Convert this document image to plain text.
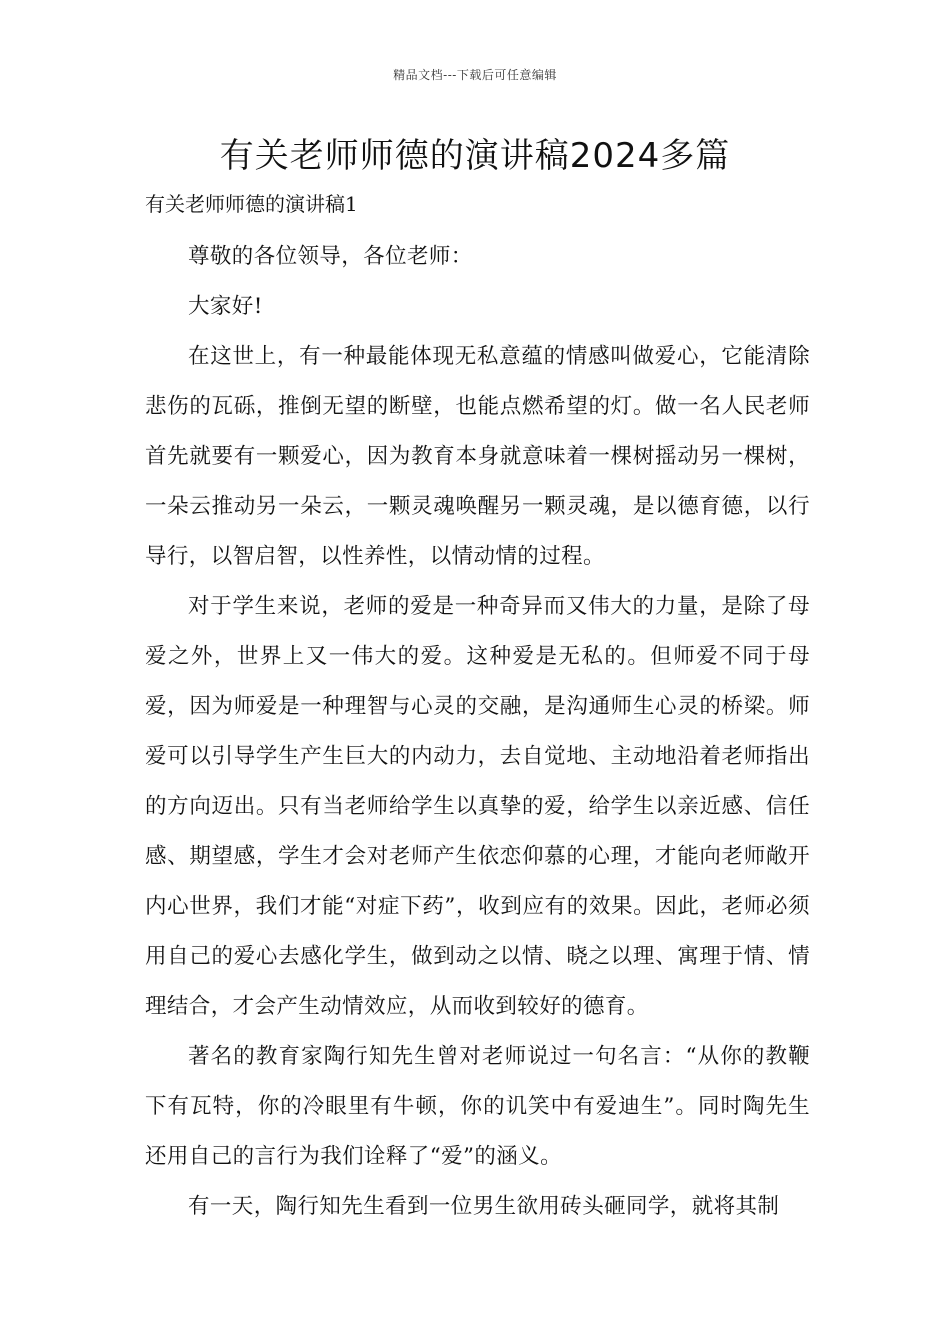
精品文档---下载后可任意编辑
有关老师师德的演讲稿2024多篇
有关老师师德的演讲稿1

尊敬的各位领导，各位老师：

大家好!

在这世上，有一种最能体现无私意蕴的情感叫做爱心，它能清除悲伤的瓦砾，推倒无望的断壁，也能点燃希望的灯。做一名人民老师首先就要有一颗爱心，因为教育本身就意味着一棵树摇动另一棵树，一朵云推动另一朵云，一颗灵魂唤醒另一颗灵魂，是以德育德，以行导行，以智启智，以性养性，以情动情的过程。

对于学生来说，老师的爱是一种奇异而又伟大的力量，是除了母爱之外，世界上又一伟大的爱。这种爱是无私的。但师爱不同于母爱，因为师爱是一种理智与心灵的交融，是沟通师生心灵的桥梁。师爱可以引导学生产生巨大的内动力，去自觉地、主动地沿着老师指出的方向迈出。只有当老师给学生以真挚的爱，给学生以亲近感、信任感、期望感，学生才会对老师产生依恋仰慕的心理，才能向老师敞开内心世界，我们才能“对症下药”，收到应有的效果。因此，老师必须用自己的爱心去感化学生，做到动之以情、晓之以理、寓理于情、情理结合，才会产生动情效应，从而收到较好的德育。

著名的教育家陶行知先生曾对老师说过一句名言：“从你的教鞭下有瓦特，你的冷眼里有牛顿，你的讥笑中有爱迪生”。同时陶先生还用自己的言行为我们诠释了“爱”的涵义。

有一天，陶行知先生看到一位男生欲用砖头砸同学，就将其制
